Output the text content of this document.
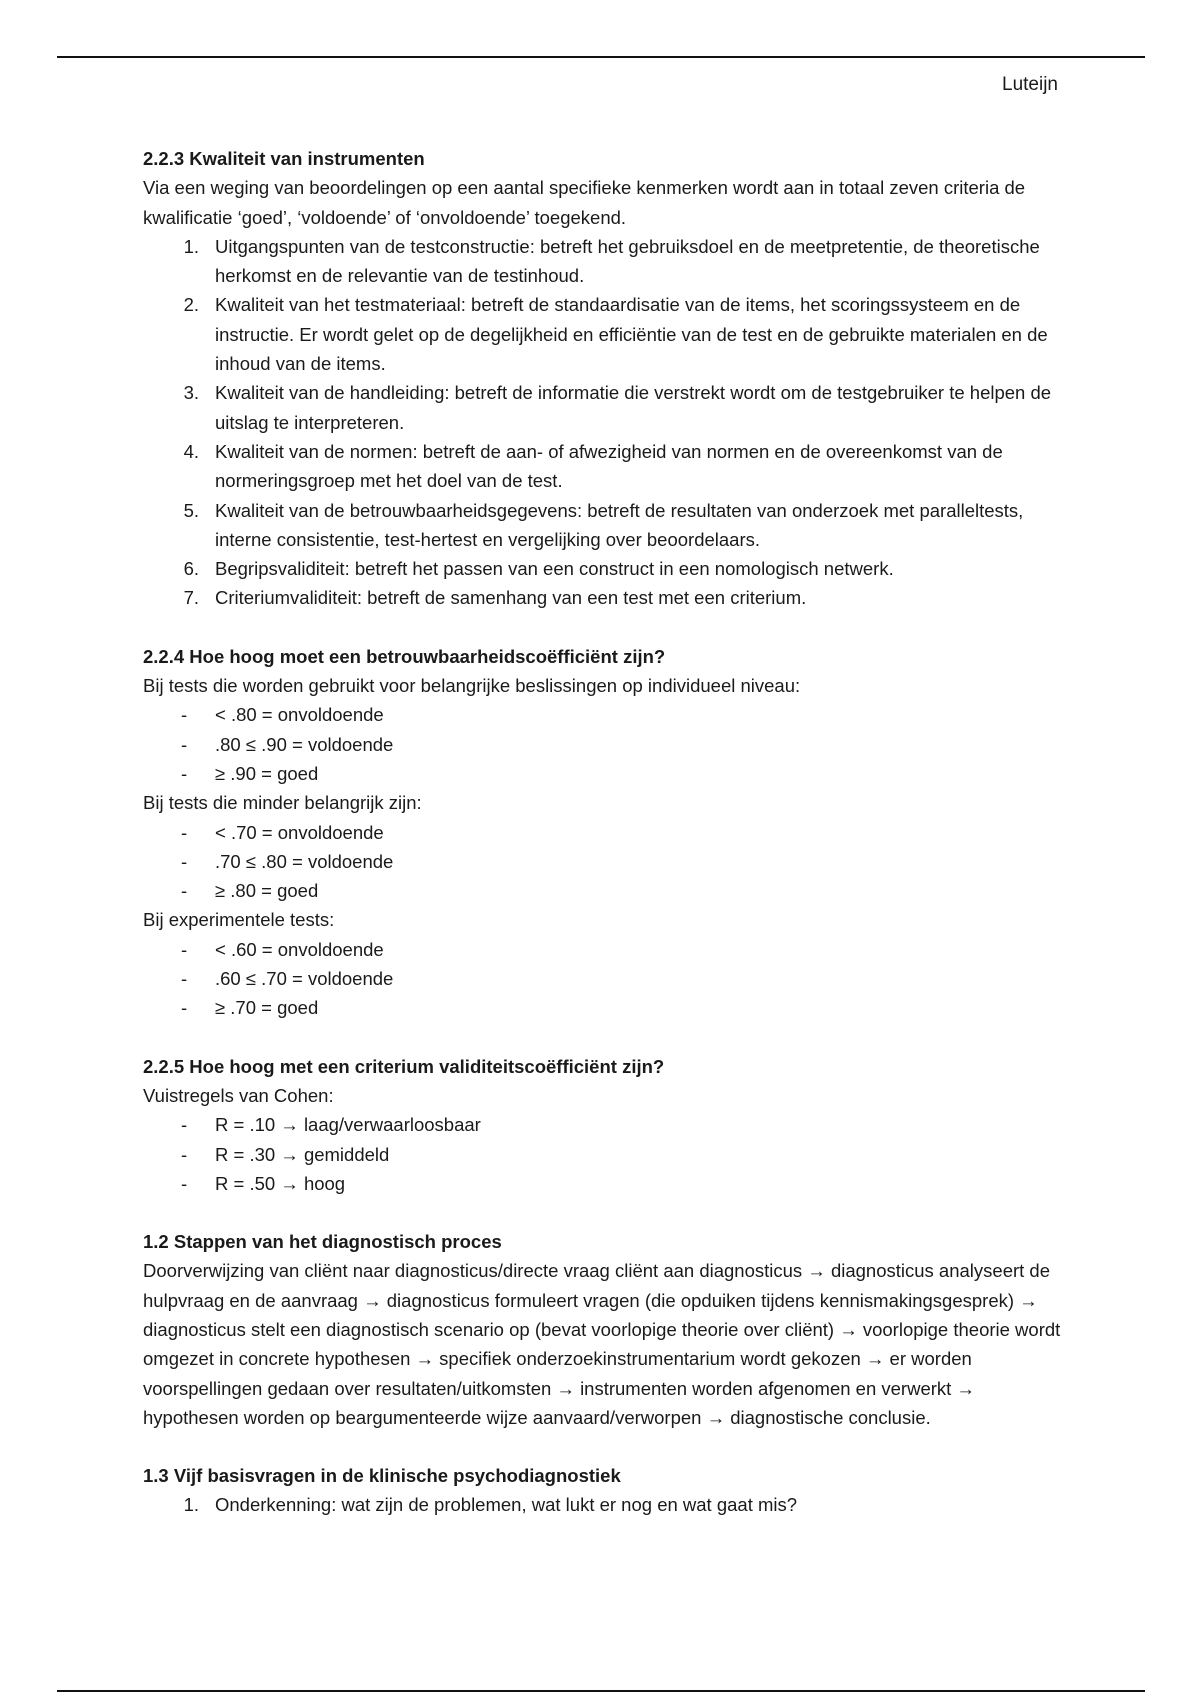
Luteijn

2.2.3 Kwaliteit van instrumenten

Via een weging van beoordelingen op een aantal specifieke kenmerken wordt aan in totaal zeven criteria de kwalificatie ‘goed’, ‘voldoende’ of ‘onvoldoende’ toegekend.

1. Uitgangspunten van de testconstructie: betreft het gebruiksdoel en de meetpretentie, de theoretische herkomst en de relevantie van de testinhoud.
2. Kwaliteit van het testmateriaal: betreft de standaardisatie van de items, het scoringssysteem en de instructie. Er wordt gelet op de degelijkheid en efficiëntie van de test en de gebruikte materialen en de inhoud van de items.
3. Kwaliteit van de handleiding: betreft de informatie die verstrekt wordt om de testgebruiker te helpen de uitslag te interpreteren.
4. Kwaliteit van de normen: betreft de aan- of afwezigheid van normen en de overeenkomst van de normeringsgroep met het doel van de test.
5. Kwaliteit van de betrouwbaarheidsgegevens: betreft de resultaten van onderzoek met paralleltests, interne consistentie, test-hertest en vergelijking over beoordelaars.
6. Begripsvaliditeit: betreft het passen van een construct in een nomologisch netwerk.
7. Criteriumvaliditeit: betreft de samenhang van een test met een criterium.

2.2.4 Hoe hoog moet een betrouwbaarheidscoëfficiënt zijn?

Bij tests die worden gebruikt voor belangrijke beslissingen op individueel niveau:

-	< .80 = onvoldoende
-	.80 ≤ .90 = voldoende
-	≥ .90 = goed

Bij tests die minder belangrijk zijn:

-	< .70 = onvoldoende
-	.70 ≤ .80 = voldoende
-	≥ .80 = goed

Bij experimentele tests:

-	< .60 = onvoldoende
-	.60 ≤ .70 = voldoende
-	≥ .70 = goed

2.2.5 Hoe hoog met een criterium validiteitscoëfficiënt zijn?

Vuistregels van Cohen:

-	R = .10 → laag/verwaarloosbaar
-	R = .30 → gemiddeld
-	R = .50 → hoog

1.2 Stappen van het diagnostisch proces

Doorverwijzing van cliënt naar diagnosticus/directe vraag cliënt aan diagnosticus → diagnosticus analyseert de hulpvraag en de aanvraag → diagnosticus formuleert vragen (die opduiken tijdens kennismakingsgesprek) → diagnosticus stelt een diagnostisch scenario op (bevat voorlopige theorie over cliënt) → voorlopige theorie wordt omgezet in concrete hypothesen → specifiek onderzoekinstrumentarium wordt gekozen → er worden voorspellingen gedaan over resultaten/uitkomsten → instrumenten worden afgenomen en verwerkt → hypothesen worden op beargumenteerde wijze aanvaard/verworpen → diagnostische conclusie.

1.3 Vijf basisvragen in de klinische psychodiagnostiek

1. Onderkenning: wat zijn de problemen, wat lukt er nog en wat gaat mis?
